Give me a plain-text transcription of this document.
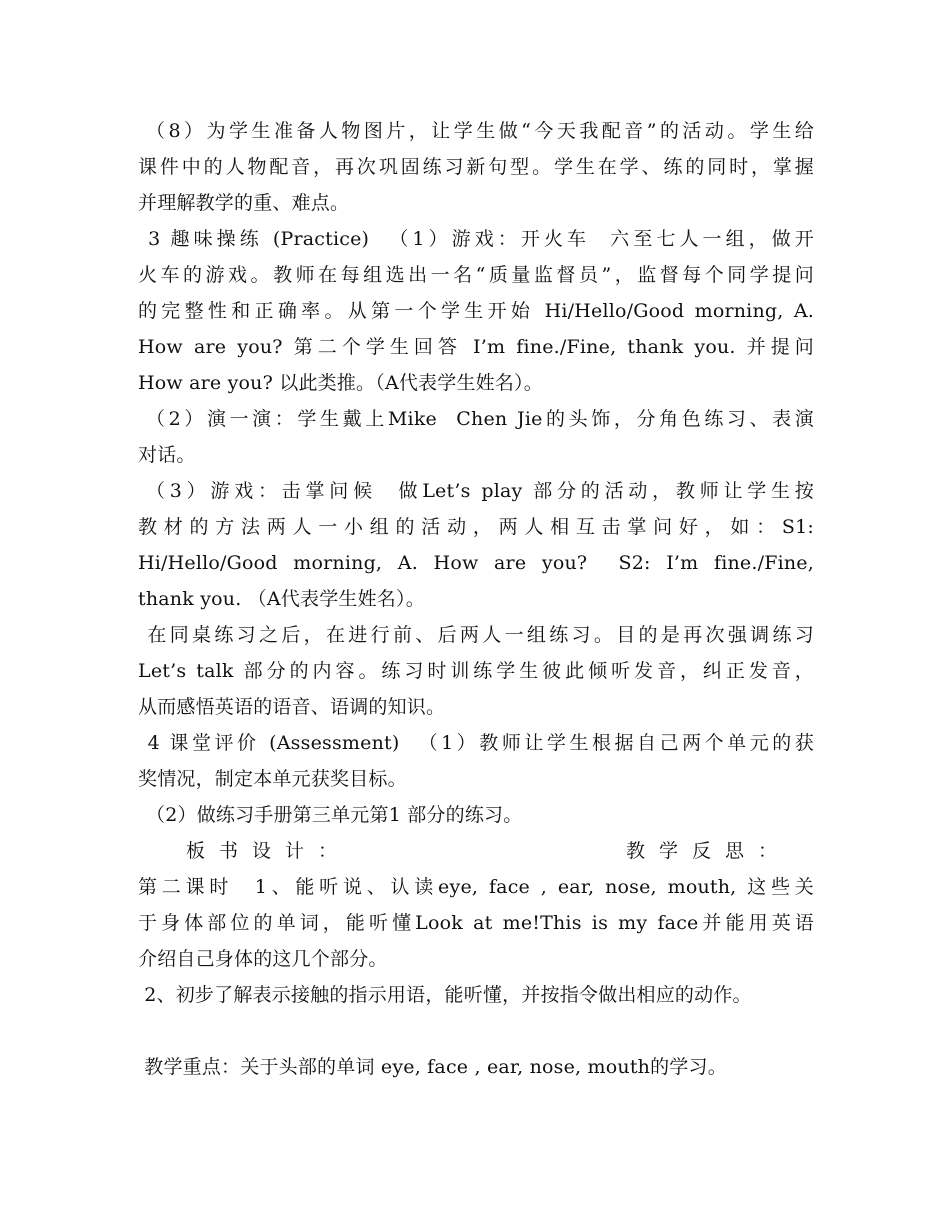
（8）为学生准备人物图片，让学生做“今天我配音”的活动。学生给
课件中的人物配音，再次巩固练习新句型。学生在学、练的同时，掌握
并理解教学的重、难点。
3 趣味操练 (Practice)  （1）游戏：开火车  六至七人一组，做开
火车的游戏。教师在每组选出一名“质量监督员”，监督每个同学提问
的完整性和正确率。从第一个学生开始 Hi/Hello/Good morning, A.
How are you? 第二个学生回答 I’m fine./Fine, thank you. 并提问
How are you? 以此类推。（A代表学生姓名）。
（2）演一演：学生戴上Mike  Chen Jie的头饰，分角色练习、表演
对话。
（3）游戏：击掌问候  做Let’s play 部分的活动，教师让学生按
教材的方法两人一小组的活动，两人相互击掌问好，如：S1:
Hi/Hello/Good morning, A. How are you?  S2: I’m fine./Fine,
thank you. （A代表学生姓名）。
在同桌练习之后，在进行前、后两人一组练习。目的是再次强调练习
Let’s talk 部分的内容。练习时训练学生彼此倾听发音，纠正发音，
从而感悟英语的语音、语调的知识。
4 课堂评价 (Assessment)  （1）教师让学生根据自己两个单元的获
奖情况，制定本单元获奖目标。
（2）做练习手册第三单元第1 部分的练习。
板书设计：	教学反思：
第二课时  1、能听说、认读eye, face , ear, nose, mouth, 这些关
于身体部位的单词，能听懂Look at me!This is my face并能用英语
介绍自己身体的这几个部分。
2、初步了解表示接触的指示用语，能听懂，并按指令做出相应的动作。
教学重点：关于头部的单词 eye, face , ear, nose, mouth的学习。
